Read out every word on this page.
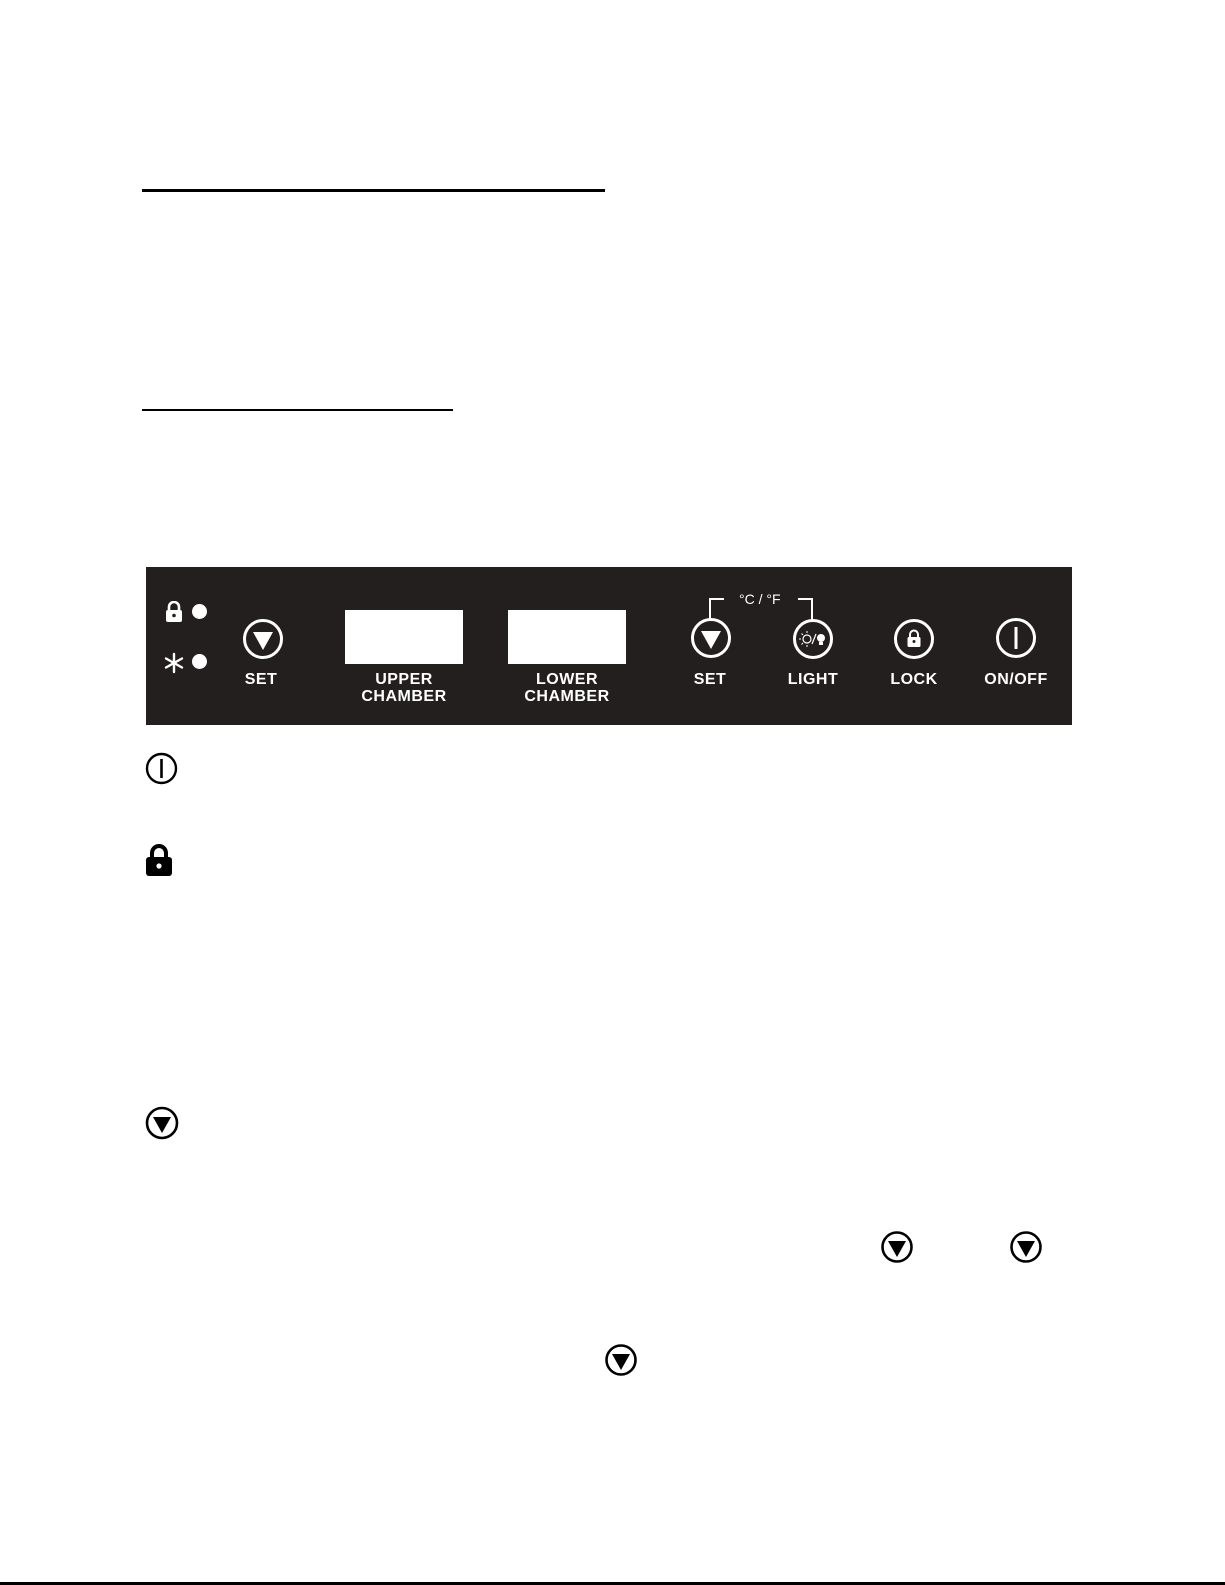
SET	UPPER
CHAMBER
LOWER
CHAMBER
°C / °F
SET	LIGHT	LOCK	ON/OFF
